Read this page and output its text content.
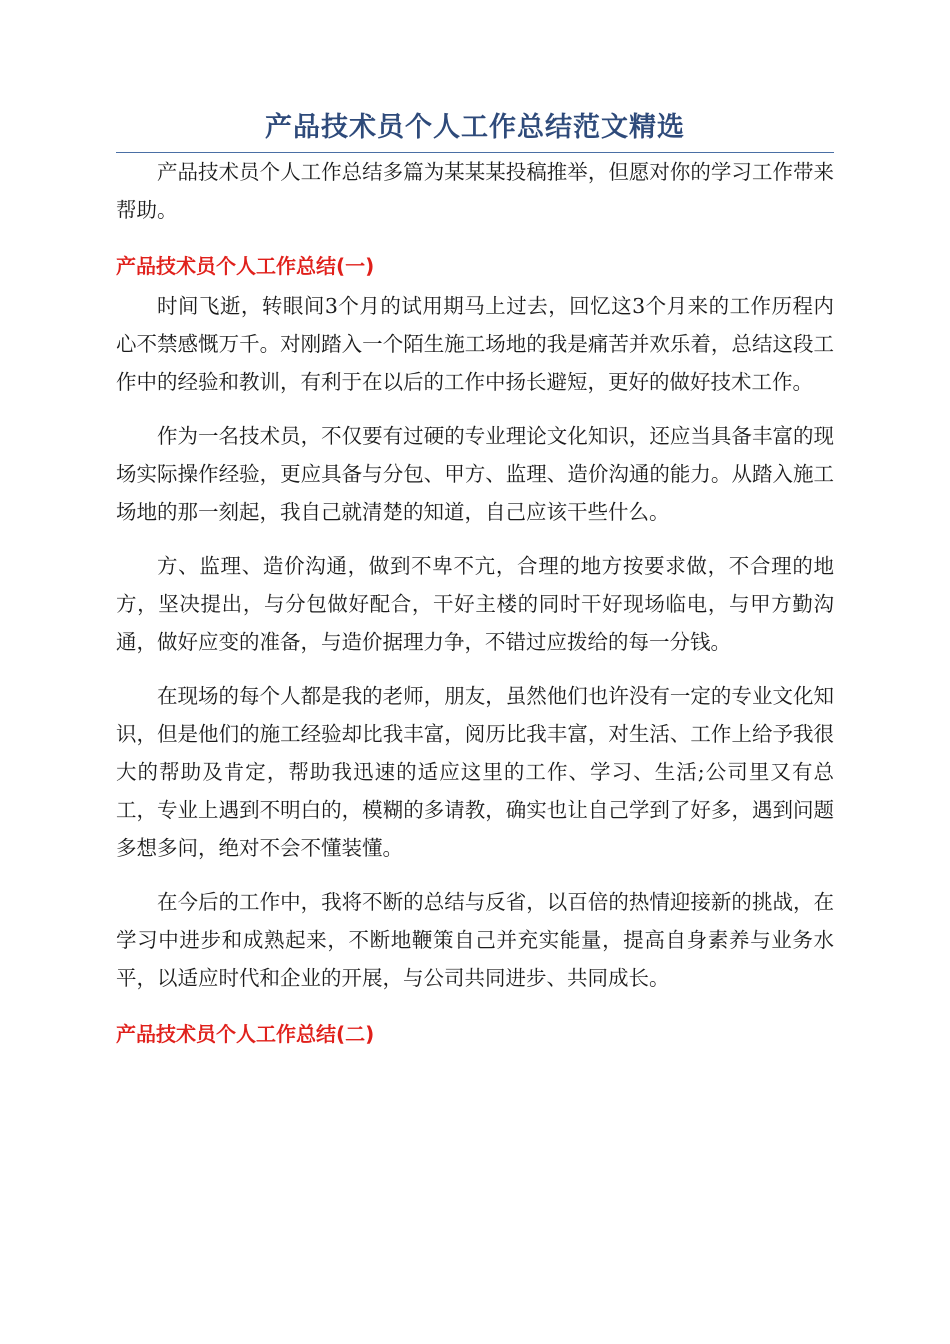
产品技术员个人工作总结范文精选

产品技术员个人工作总结多篇为某某某投稿推举，但愿对你的学习工作带来帮助。

产品技术员个人工作总结(一)

时间飞逝，转眼间3个月的试用期马上过去，回忆这3个月来的工作历程内心不禁感慨万千。对刚踏入一个陌生施工场地的我是痛苦并欢乐着，总结这段工作中的经验和教训，有利于在以后的工作中扬长避短，更好的做好技术工作。

作为一名技术员，不仅要有过硬的专业理论文化知识，还应当具备丰富的现场实际操作经验，更应具备与分包、甲方、监理、造价沟通的能力。从踏入施工场地的那一刻起，我自己就清楚的知道，自己应该干些什么。

方、监理、造价沟通，做到不卑不亢，合理的地方按要求做，不合理的地方，坚决提出，与分包做好配合，干好主楼的同时干好现场临电，与甲方勤沟通，做好应变的准备，与造价据理力争，不错过应拨给的每一分钱。

在现场的每个人都是我的老师，朋友，虽然他们也许没有一定的专业文化知识，但是他们的施工经验却比我丰富，阅历比我丰富，对生活、工作上给予我很大的帮助及肯定，帮助我迅速的适应这里的工作、学习、生活;公司里又有总工，专业上遇到不明白的，模糊的多请教，确实也让自己学到了好多，遇到问题多想多问，绝对不会不懂装懂。

在今后的工作中，我将不断的总结与反省，以百倍的热情迎接新的挑战，在学习中进步和成熟起来，不断地鞭策自己并充实能量，提高自身素养与业务水平，以适应时代和企业的开展，与公司共同进步、共同成长。

产品技术员个人工作总结(二)
